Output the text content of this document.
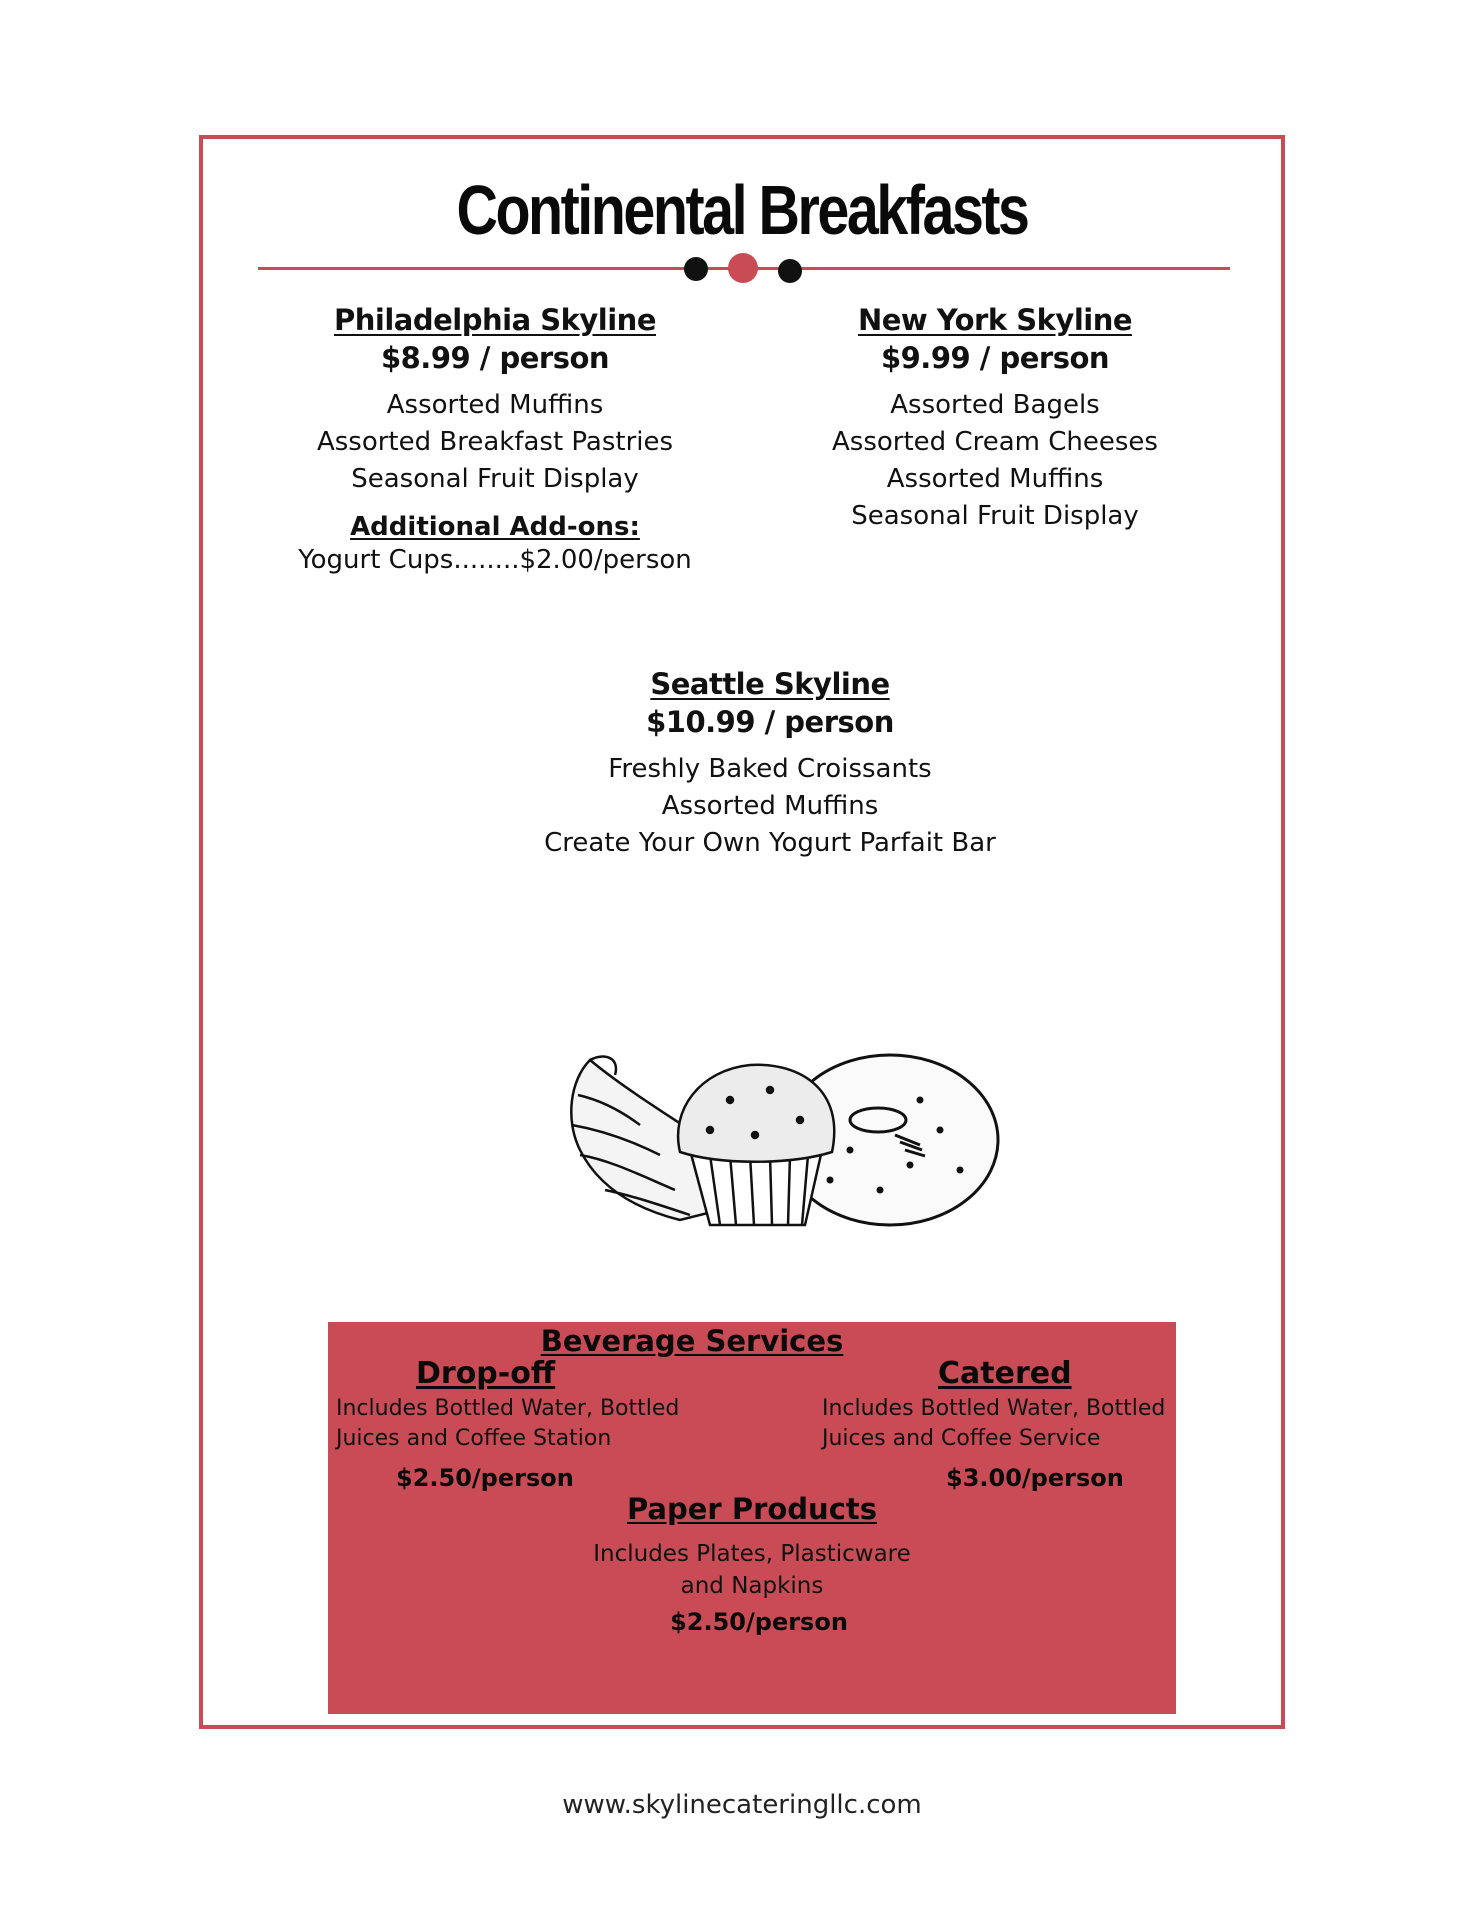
Continental Breakfasts
Philadelphia Skyline
$8.99 / person
Assorted Muffins
Assorted Breakfast Pastries
Seasonal Fruit Display
Additional Add-ons:
Yogurt Cups........$2.00/person
New York Skyline
$9.99 / person
Assorted Bagels
Assorted Cream Cheeses
Assorted Muffins
Seasonal Fruit Display
Seattle Skyline
$10.99 / person
Freshly Baked Croissants
Assorted Muffins
Create Your Own Yogurt Parfait Bar
Beverage Services
Drop-off
Includes Bottled Water, Bottled
Juices and Coffee Station
$2.50/person
Catered
Includes Bottled Water, Bottled
Juices and Coffee Service
$3.00/person
Paper Products
Includes Plates, Plasticware
and Napkins
$2.50/person
www.skylinecateringllc.com
